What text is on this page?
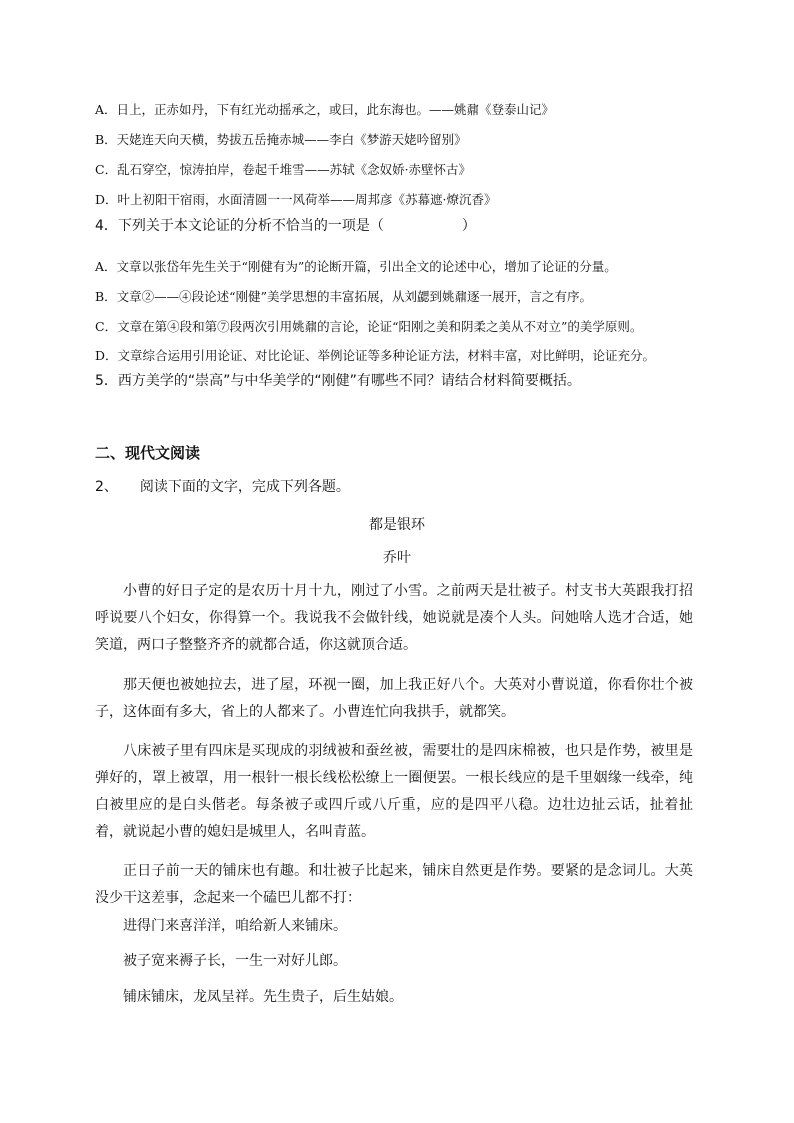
A．日上，正赤如丹，下有红光动摇承之，或曰，此东海也。——姚鼐《登泰山记》
B．天姥连天向天横，势拔五岳掩赤城——李白《梦游天姥吟留别》
C．乱石穿空，惊涛拍岸，卷起千堆雪——苏轼《念奴娇·赤壁怀古》
D．叶上初阳干宿雨，水面清圆一一风荷举——周邦彦《苏幕遮·燎沉香》
4．下列关于本文论证的分析不恰当的一项是（	）
A．文章以张岱年先生关于“刚健有为”的论断开篇，引出全文的论述中心，增加了论证的分量。
B．文章②——④段论述“刚健”美学思想的丰富拓展，从刘勰到姚鼐逐一展开，言之有序。
C．文章在第④段和第⑦段两次引用姚鼐的言论，论证“阳刚之美和阴柔之美从不对立”的美学原则。
D．文章综合运用引用论证、对比论证、举例论证等多种论证方法，材料丰富，对比鲜明，论证充分。
5．西方美学的“崇高”与中华美学的“刚健”有哪些不同？请结合材料简要概括。
二、现代文阅读
2、 阅读下面的文字，完成下列各题。
都是银环
乔叶
小曹的好日子定的是农历十月十九，刚过了小雪。之前两天是壮被子。村支书大英跟我打招呼说要八个妇女，你得算一个。我说我不会做针线，她说就是凑个人头。问她啥人选才合适，她笑道，两口子整整齐齐的就都合适，你这就顶合适。
那天便也被她拉去，进了屋，环视一圈，加上我正好八个。大英对小曹说道，你看你壮个被子，这体面有多大，省上的人都来了。小曹连忙向我拱手，就都笑。
八床被子里有四床是买现成的羽绒被和蚕丝被，需要壮的是四床棉被，也只是作势，被里是弹好的，罩上被罩，用一根针一根长线松松缭上一圈便罢。一根长线应的是千里姻缘一线牵，纯白被里应的是白头偕老。每条被子或四斤或八斤重，应的是四平八稳。边壮边扯云话，扯着扯着，就说起小曹的媳妇是城里人，名叫青蓝。
正日子前一天的铺床也有趣。和壮被子比起来，铺床自然更是作势。要紧的是念词儿。大英没少干这差事，念起来一个磕巴儿都不打：
进得门来喜洋洋，咱给新人来铺床。
被子宽来褥子长，一生一对好儿郎。
铺床铺床，龙凤呈祥。先生贵子，后生姑娘。
